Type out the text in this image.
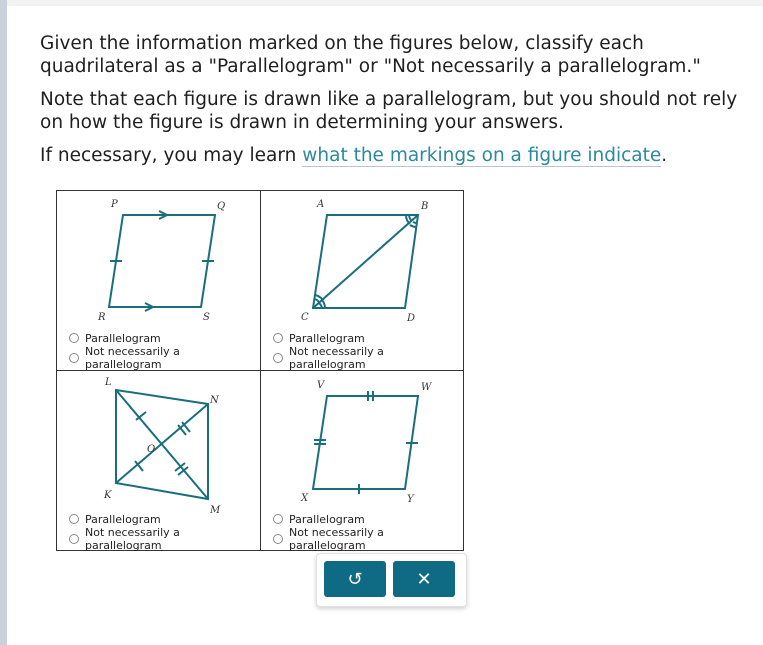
Given the information marked on the figures below, classify each quadrilateral as a "Parallelogram" or "Not necessarily a parallelogram."

Note that each figure is drawn like a parallelogram, but you should not rely on how the figure is drawn in determining your answers.

If necessary, you may learn what the markings on a figure indicate.

P	Q
R	S
Parallelogram
Not necessarily a parallelogram
A	B
C	D
Parallelogram
Not necessarily a parallelogram
L
N
K
M
O
Parallelogram
Not necessarily a parallelogram
V	W
X	Y
Parallelogram
Not necessarily a parallelogram
↺	✕
